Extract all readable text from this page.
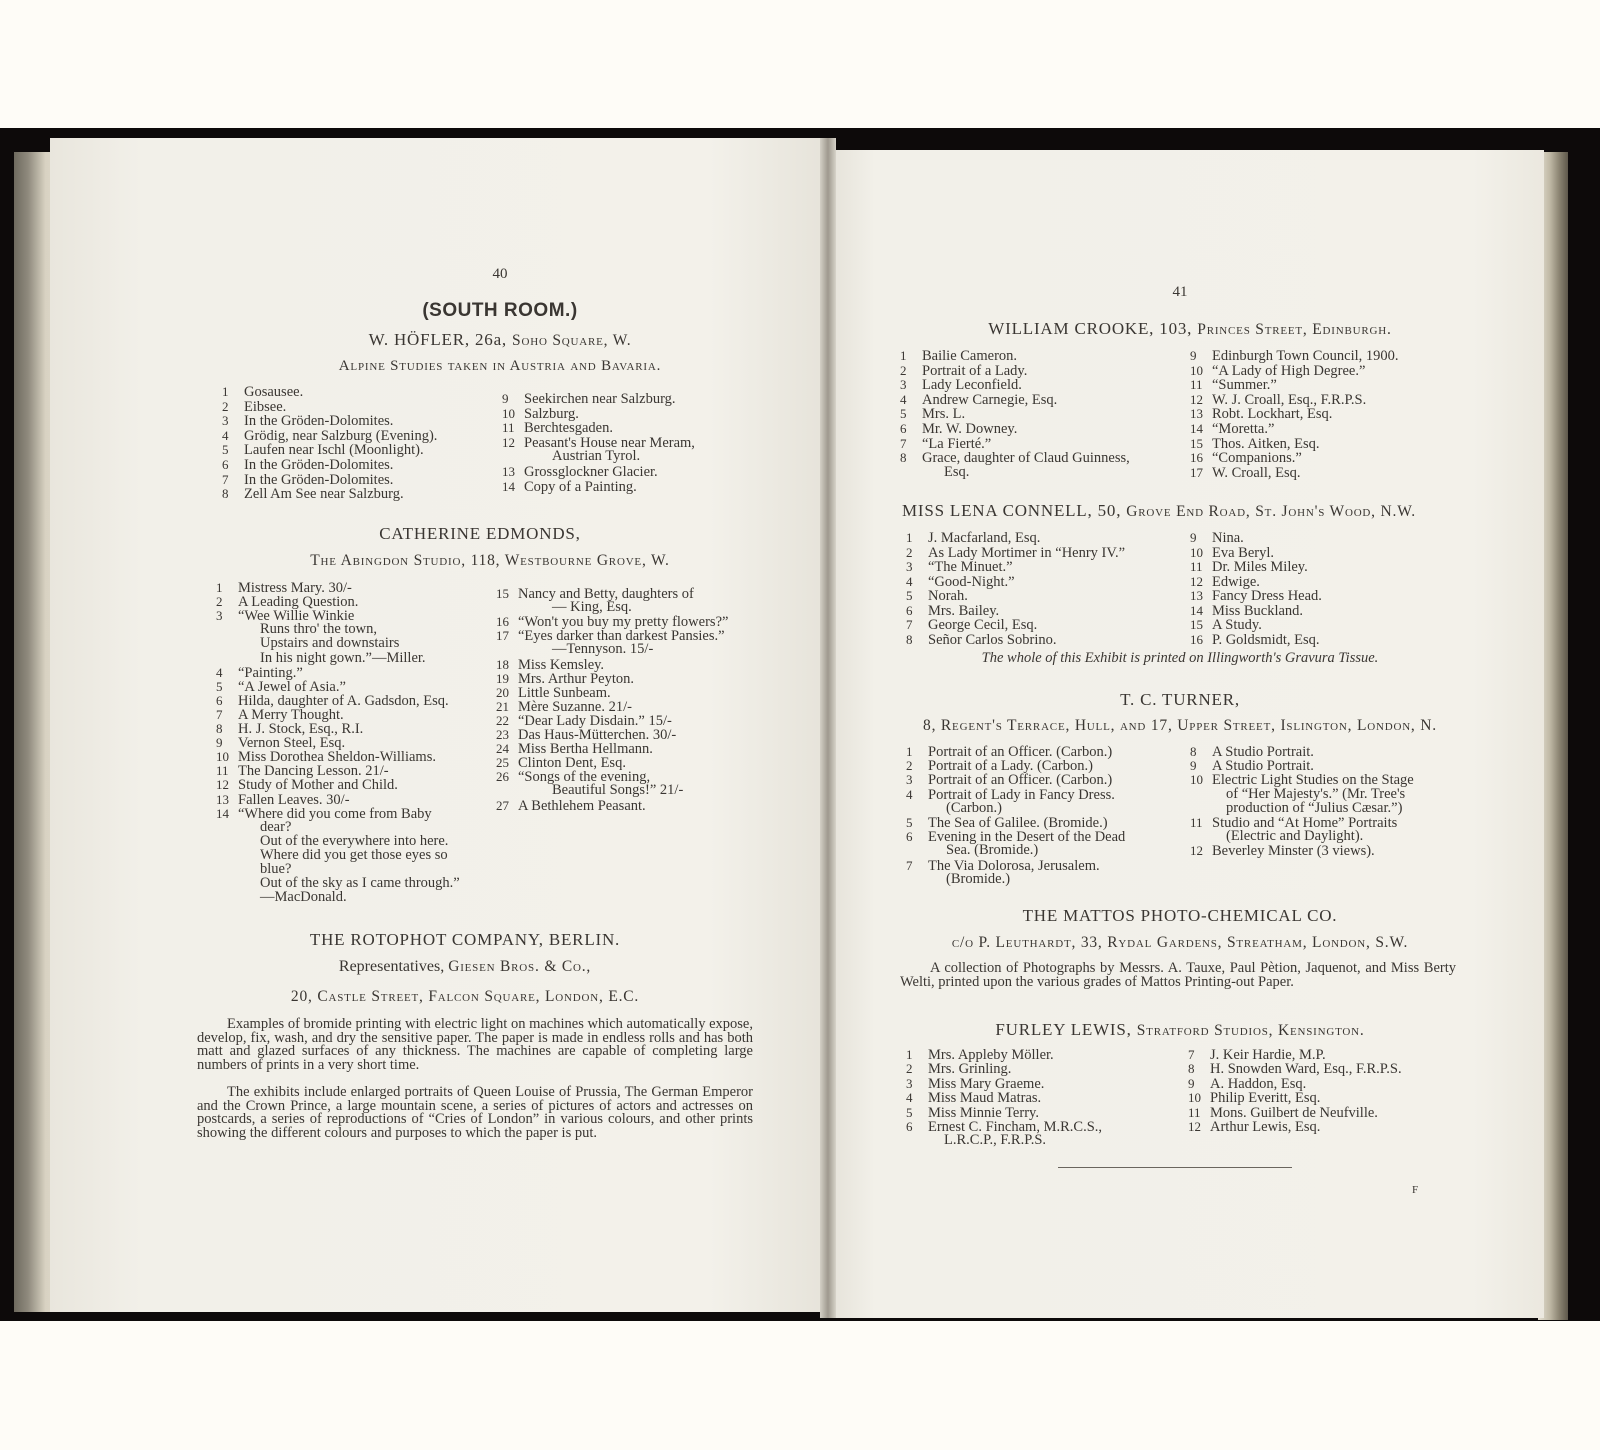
40
(SOUTH ROOM.)
W. HÖFLER, 26a, Soho Square, W.
Alpine Studies taken in Austria and Bavaria.
1 Gosausee.
2 Eibsee.
3 In the Gröden-Dolomites.
4 Grödig, near Salzburg (Evening).
5 Laufen near Ischl (Moonlight).
6 In the Gröden-Dolomites.
7 In the Gröden-Dolomites.
8 Zell Am See near Salzburg.
9 Seekirchen near Salzburg.
10 Salzburg.
11 Berchtesgaden.
12 Peasant's House near Meram,
Austrian Tyrol.
13 Grossglockner Glacier.
14 Copy of a Painting.
CATHERINE EDMONDS,
The Abingdon Studio, 118, Westbourne Grove, W.
1 Mistress Mary. 30/-
2 A Leading Question.
3 “Wee Willie Winkie
Runs thro' the town,
Upstairs and downstairs
In his night gown.”—Miller.
4 “Painting.”
5 “A Jewel of Asia.”
6 Hilda, daughter of A. Gadsdon, Esq.
7 A Merry Thought.
8 H. J. Stock, Esq., R.I.
9 Vernon Steel, Esq.
10 Miss Dorothea Sheldon-Williams.
11 The Dancing Lesson. 21/-
12 Study of Mother and Child.
13 Fallen Leaves. 30/-
14 “Where did you come from Baby
dear?
Out of the everywhere into here.
Where did you get those eyes so
blue?
Out of the sky as I came through.”
—MacDonald.
15 Nancy and Betty, daughters of
— King, Esq.
16 “Won't you buy my pretty flowers?”
17 “Eyes darker than darkest Pansies.”
—Tennyson. 15/-
18 Miss Kemsley.
19 Mrs. Arthur Peyton.
20 Little Sunbeam.
21 Mère Suzanne. 21/-
22 “Dear Lady Disdain.” 15/-
23 Das Haus-Mütterchen. 30/-
24 Miss Bertha Hellmann.
25 Clinton Dent, Esq.
26 “Songs of the evening,
Beautiful Songs!” 21/-
27 A Bethlehem Peasant.
THE ROTOPHOT COMPANY, BERLIN.
Representatives, Giesen Bros. & Co.,
20, Castle Street, Falcon Square, London, E.C.
Examples of bromide printing with electric light on machines which automatically expose, develop, fix, wash, and dry the sensitive paper. The paper is made in endless rolls and has both matt and glazed surfaces of any thickness. The machines are capable of completing large numbers of prints in a very short time.
The exhibits include enlarged portraits of Queen Louise of Prussia, The German Emperor and the Crown Prince, a large mountain scene, a series of pictures of actors and actresses on postcards, a series of reproductions of “Cries of London” in various colours, and other prints showing the different colours and purposes to which the paper is put.
41
WILLIAM CROOKE, 103, Princes Street, Edinburgh.
1 Bailie Cameron.
2 Portrait of a Lady.
3 Lady Leconfield.
4 Andrew Carnegie, Esq.
5 Mrs. L.
6 Mr. W. Downey.
7 “La Fierté.”
8 Grace, daughter of Claud Guinness,
Esq.
9 Edinburgh Town Council, 1900.
10 “A Lady of High Degree.”
11 “Summer.”
12 W. J. Croall, Esq., F.R.P.S.
13 Robt. Lockhart, Esq.
14 “Moretta.”
15 Thos. Aitken, Esq.
16 “Companions.”
17 W. Croall, Esq.
MISS LENA CONNELL, 50, Grove End Road, St. John's Wood, N.W.
1 J. Macfarland, Esq.
2 As Lady Mortimer in “Henry IV.”
3 “The Minuet.”
4 “Good-Night.”
5 Norah.
6 Mrs. Bailey.
7 George Cecil, Esq.
8 Señor Carlos Sobrino.
9 Nina.
10 Eva Beryl.
11 Dr. Miles Miley.
12 Edwige.
13 Fancy Dress Head.
14 Miss Buckland.
15 A Study.
16 P. Goldsmidt, Esq.
The whole of this Exhibit is printed on Illingworth's Gravura Tissue.
T. C. TURNER,
8, Regent's Terrace, Hull, and 17, Upper Street, Islington, London, N.
1 Portrait of an Officer. (Carbon.)
2 Portrait of a Lady. (Carbon.)
3 Portrait of an Officer. (Carbon.)
4 Portrait of Lady in Fancy Dress.
(Carbon.)
5 The Sea of Galilee. (Bromide.)
6 Evening in the Desert of the Dead
Sea. (Bromide.)
7 The Via Dolorosa, Jerusalem.
(Bromide.)
8 A Studio Portrait.
9 A Studio Portrait.
10 Electric Light Studies on the Stage
of “Her Majesty's.” (Mr. Tree's
production of “Julius Cæsar.”)
11 Studio and “At Home” Portraits
(Electric and Daylight).
12 Beverley Minster (3 views).
THE MATTOS PHOTO-CHEMICAL CO.
c/o P. Leuthardt, 33, Rydal Gardens, Streatham, London, S.W.
A collection of Photographs by Messrs. A. Tauxe, Paul Pètion, Jaquenot, and Miss Berty Welti, printed upon the various grades of Mattos Printing-out Paper.
FURLEY LEWIS, Stratford Studios, Kensington.
1 Mrs. Appleby Möller.
2 Mrs. Grinling.
3 Miss Mary Graeme.
4 Miss Maud Matras.
5 Miss Minnie Terry.
6 Ernest C. Fincham, M.R.C.S.,
L.R.C.P., F.R.P.S.
7 J. Keir Hardie, M.P.
8 H. Snowden Ward, Esq., F.R.P.S.
9 A. Haddon, Esq.
10 Philip Everitt, Esq.
11 Mons. Guilbert de Neufville.
12 Arthur Lewis, Esq.
F
